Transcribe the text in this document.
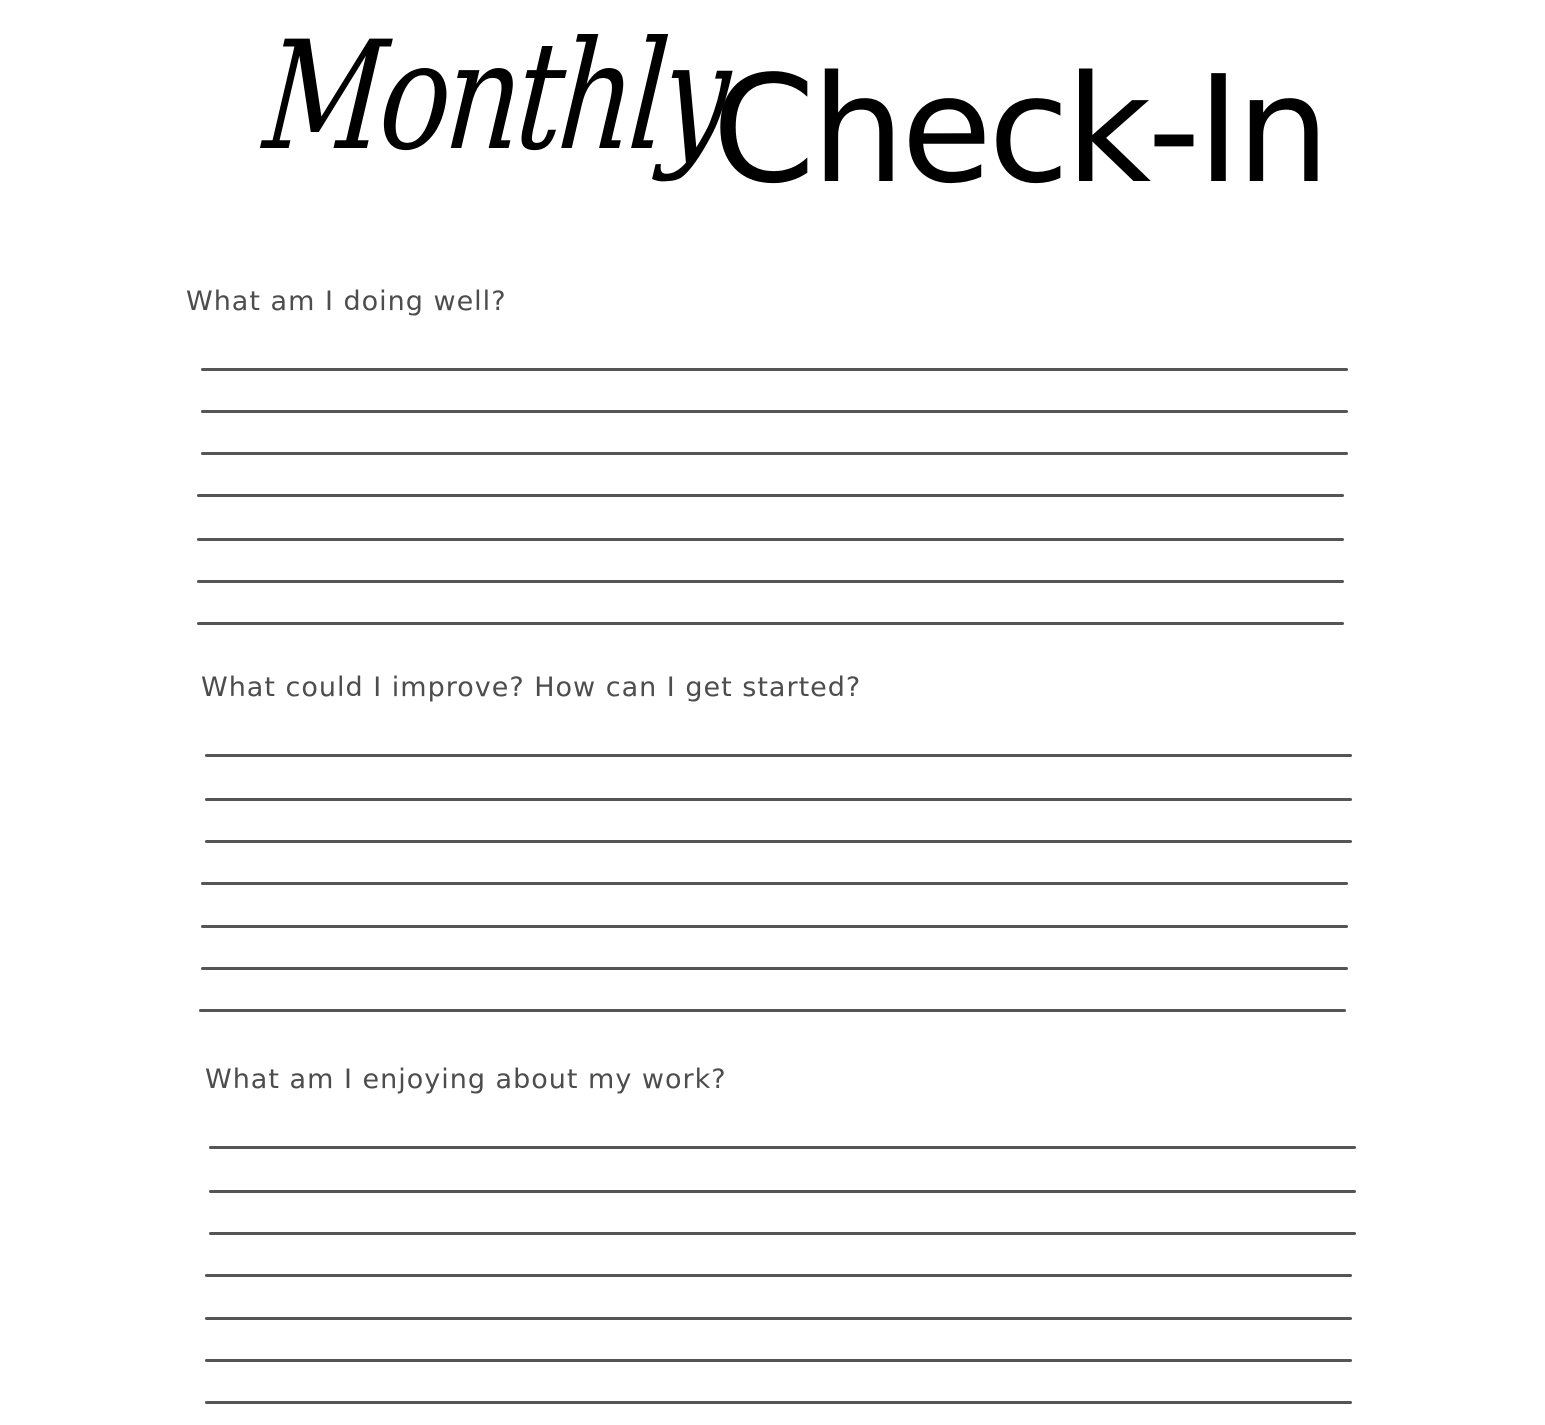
Monthly
Check-In
What am I doing well?
What could I improve? How can I get started?
What am I enjoying about my work?
